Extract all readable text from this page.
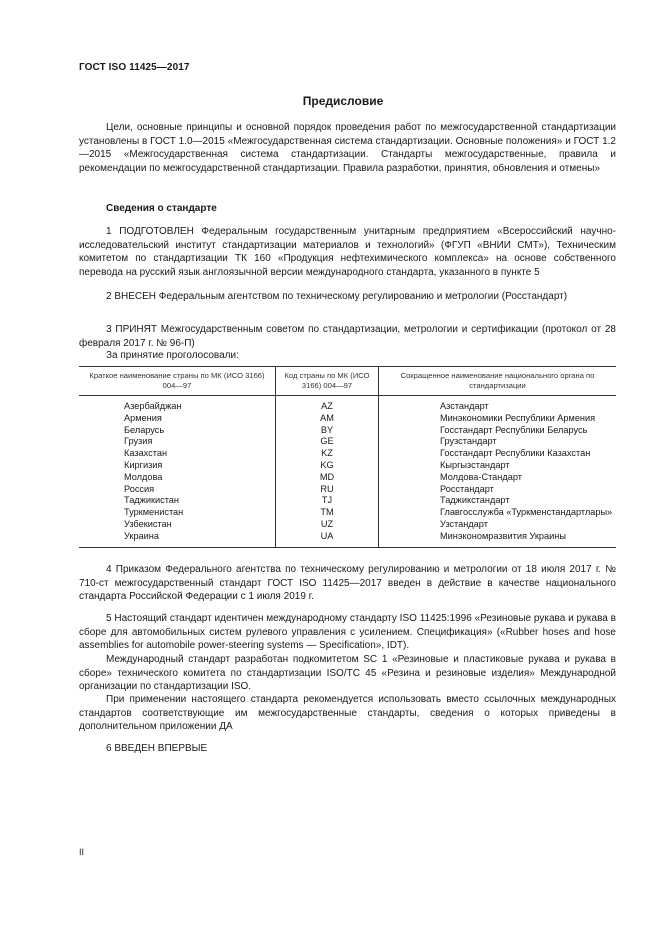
ГОСТ ISO 11425—2017
Предисловие

Цели, основные принципы и основной порядок проведения работ по межгосударственной стандартизации установлены в ГОСТ 1.0—2015 «Межгосударственная система стандартизации. Основные положения» и ГОСТ 1.2—2015 «Межгосударственная система стандартизации. Стандарты межгосударственные, правила и рекомендации по межгосударственной стандартизации. Правила разработки, принятия, обновления и отмены»

Сведения о стандарте

1 ПОДГОТОВЛЕН Федеральным государственным унитарным предприятием «Всероссийский научно-исследовательский институт стандартизации материалов и технологий» (ФГУП «ВНИИ СМТ»), Техническим комитетом по стандартизации ТК 160 «Продукция нефтехимического комплекса» на основе собственного перевода на русский язык англоязычной версии международного стандарта, указанного в пункте 5

2 ВНЕСЕН Федеральным агентством по техническому регулированию и метрологии (Росстандарт)

3 ПРИНЯТ Межгосударственным советом по стандартизации, метрологии и сертификации (протокол от 28 февраля 2017 г. № 96-П)

За принятие проголосовали:
Краткое наименование страны по МК (ИСО 3166) 004—97	Код страны по МК (ИСО 3166) 004—97	Сокращенное наименование национального органа по стандартизации
Азербайджан	AZ	Азстандарт
Армения	AM	Минэкономики Республики Армения
Беларусь	BY	Госстандарт Республики Беларусь
Грузия	GE	Грузстандарт
Казахстан	KZ	Госстандарт Республики Казахстан
Киргизия	KG	Кыргызстандарт
Молдова	MD	Молдова-Стандарт
Россия	RU	Росстандарт
Таджикистан	TJ	Таджикстандарт
Туркменистан	TM	Главгосслужба «Туркменстандартлары»
Узбекистан	UZ	Узстандарт
Украина	UA	Минэкономразвития Украины

4 Приказом Федерального агентства по техническому регулированию и метрологии от 18 июля 2017 г. № 710-ст межгосударственный стандарт ГОСТ ISO 11425—2017 введен в действие в качестве национального стандарта Российской Федерации с 1 июля 2019 г.

5 Настоящий стандарт идентичен международному стандарту ISO 11425:1996 «Резиновые рукава и рукава в сборе для автомобильных систем рулевого управления с усилением. Спецификация» («Rubber hoses and hose assemblies for automobile power-steering systems — Specification», IDT).

Международный стандарт разработан подкомитетом SC 1 «Резиновые и пластиковые рукава и рукава в сборе» технического комитета по стандартизации ISO/TC 45 «Резина и резиновые изделия» Международной организации по стандартизации ISO.

При применении настоящего стандарта рекомендуется использовать вместо ссылочных международных стандартов соответствующие им межгосударственные стандарты, сведения о которых приведены в дополнительном приложении ДА

6 ВВЕДЕН ВПЕРВЫЕ

II
